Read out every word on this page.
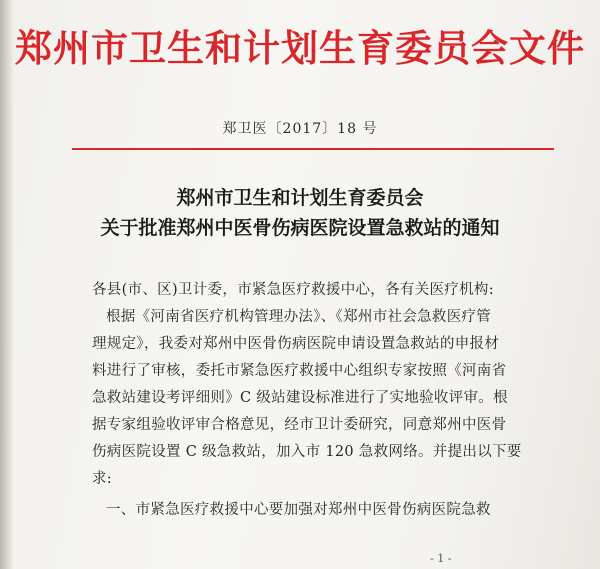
郑州市卫生和计划生育委员会文件
郑卫医〔2017〕18 号
郑州市卫生和计划生育委员会
关于批准郑州中医骨伤病医院设置急救站的通知
各县(市、区)卫计委，市紧急医疗救援中心，各有关医疗机构:
根据《河南省医疗机构管理办法》、《郑州市社会急救医疗管
理规定》，我委对郑州中医骨伤病医院申请设置急救站的申报材
料进行了审核，委托市紧急医疗救援中心组织专家按照《河南省
急救站建设考评细则》C 级站建设标准进行了实地验收评审。根
据专家组验收评审合格意见，经市卫计委研究，同意郑州中医骨
伤病医院设置 C 级急救站，加入市 120 急救网络。并提出以下要
求:
一、市紧急医疗救援中心要加强对郑州中医骨伤病医院急救
- 1 -
